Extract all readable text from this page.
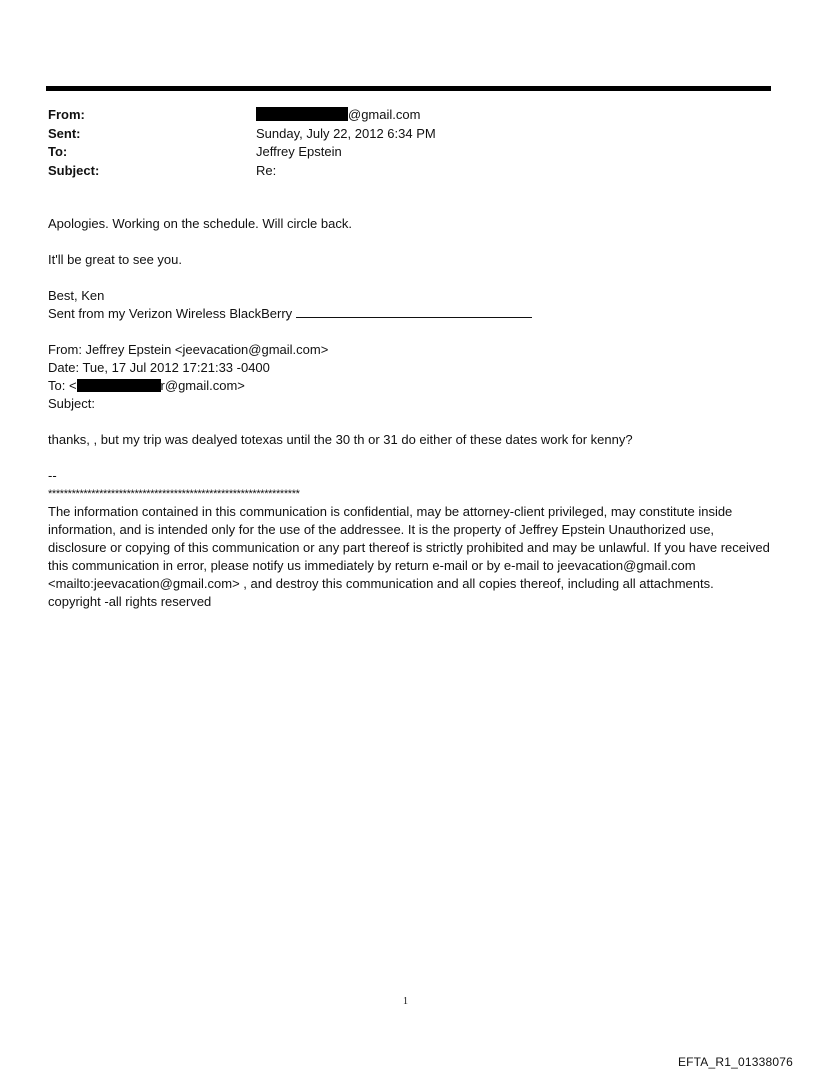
From:	@gmail.com
Sent:	Sunday, July 22, 2012 6:34 PM
To:	Jeffrey Epstein
Subject:	Re:

Apologies. Working on the schedule. Will circle back.

It'll be great to see you.

Best, Ken

Sent from my Verizon Wireless BlackBerry

From: Jeffrey Epstein <jeevacation@gmail.com>

Date: Tue, 17 Jul 2012 17:21:33 -0400

To: <	r@gmail.com>

Subject:

thanks, , but my trip was dealyed totexas until the 30 th or 31 do either of these dates work for kenny?

--

****************************************************************

The information contained in this communication is confidential, may be attorney-client privileged, may constitute inside information, and is intended only for the use of the addressee. It is the property of Jeffrey Epstein Unauthorized use, disclosure or copying of this communication or any part thereof is strictly prohibited and may be unlawful. If you have received this communication in error, please notify us immediately by return e-mail or by e-mail to jeevacation@gmail.com <mailto:jeevacation@gmail.com> , and destroy this communication and all copies thereof, including all attachments. copyright -all rights reserved

1
EFTA_R1_01338076
